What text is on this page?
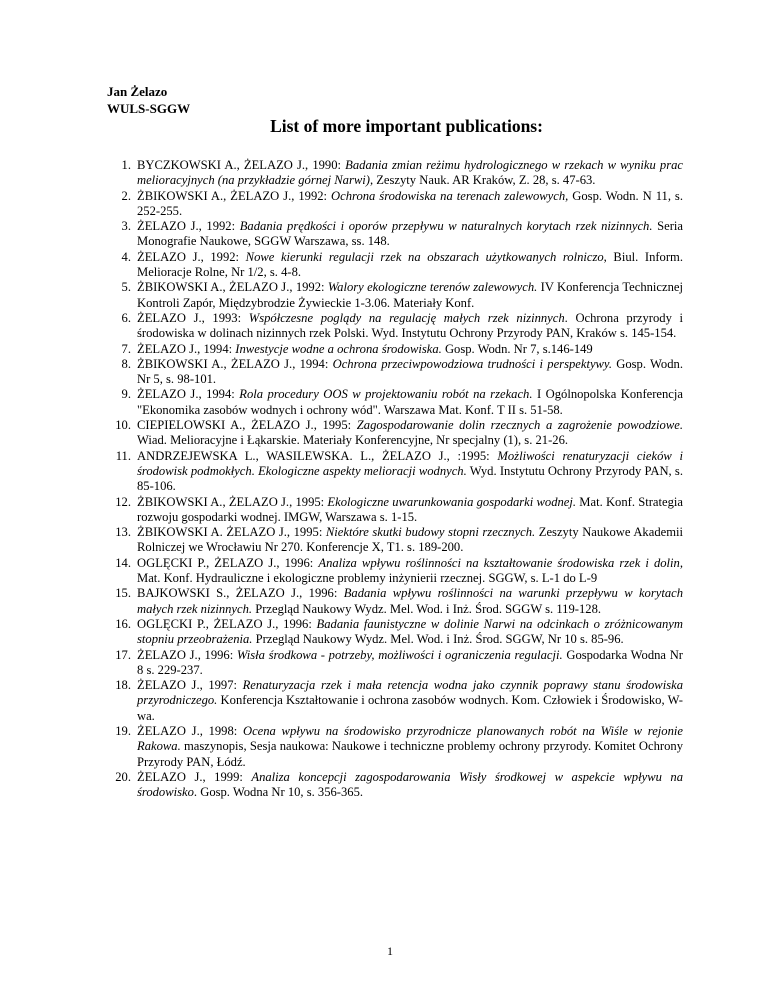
Jan Żelazo
WULS-SGGW
List of more important publications:
1. BYCZKOWSKI A., ŻELAZO J., 1990: Badania zmian reżimu hydrologicznego w rzekach w wyniku prac melioracyjnych (na przykładzie górnej Narwi), Zeszyty Nauk. AR Kraków, Z. 28, s. 47-63.
2. ŻBIKOWSKI A., ŻELAZO J., 1992: Ochrona środowiska na terenach zalewowych, Gosp. Wodn. N 11, s. 252-255.
3. ŻELAZO J., 1992: Badania prędkości i oporów przepływu w naturalnych korytach rzek nizinnych. Seria Monografie Naukowe, SGGW Warszawa, ss. 148.
4. ŻELAZO J., 1992: Nowe kierunki regulacji rzek na obszarach użytkowanych rolniczo, Biul. Inform. Melioracje Rolne, Nr 1/2, s. 4-8.
5. ŻBIKOWSKI A., ŻELAZO J., 1992: Walory ekologiczne terenów zalewowych. IV Konferencja Technicznej Kontroli Zapór, Międzybrodzie Żywieckie 1-3.06. Materiały Konf.
6. ŻELAZO J., 1993: Współczesne poglądy na regulację małych rzek nizinnych. Ochrona przyrody i środowiska w dolinach nizinnych rzek Polski. Wyd. Instytutu Ochrony Przyrody PAN, Kraków s. 145-154.
7. ŻELAZO J., 1994: Inwestycje wodne a ochrona środowiska. Gosp. Wodn. Nr 7, s.146-149
8. ŻBIKOWSKI A., ŻELAZO J., 1994: Ochrona przeciwpowodziowa trudności i perspektywy. Gosp. Wodn. Nr 5, s. 98-101.
9. ŻELAZO J., 1994: Rola procedury OOS w projektowaniu robót na rzekach. I Ogólnopolska Konferencja "Ekonomika zasobów wodnych i ochrony wód". Warszawa Mat. Konf. T II s. 51-58.
10. CIEPIELOWSKI A., ŻELAZO J., 1995: Zagospodarowanie dolin rzecznych a zagrożenie powodziowe. Wiad. Melioracyjne i Łąkarskie. Materiały Konferencyjne, Nr specjalny (1), s. 21-26.
11. ANDRZEJEWSKA L., WASILEWSKA. L., ŻELAZO J., :1995: Możliwości renaturyzacji cieków i środowisk podmokłych. Ekologiczne aspekty melioracji wodnych. Wyd. Instytutu Ochrony Przyrody PAN, s. 85-106.
12. ŻBIKOWSKI A., ŻELAZO J., 1995: Ekologiczne uwarunkowania gospodarki wodnej. Mat. Konf. Strategia rozwoju gospodarki wodnej. IMGW, Warszawa s. 1-15.
13. ŻBIKOWSKI A. ŻELAZO J., 1995: Niektóre skutki budowy stopni rzecznych. Zeszyty Naukowe Akademii Rolniczej we Wrocławiu Nr 270. Konferencje X, T1. s. 189-200.
14. OGLĘCKI P., ŻELAZO J., 1996: Analiza wpływu roślinności na kształtowanie środowiska rzek i dolin, Mat. Konf. Hydrauliczne i ekologiczne problemy inżynierii rzecznej. SGGW, s. L-1 do L-9
15. BAJKOWSKI S., ŻELAZO J., 1996: Badania wpływu roślinności na warunki przepływu w korytach małych rzek nizinnych. Przegląd Naukowy Wydz. Mel. Wod. i Inż. Środ. SGGW s. 119-128.
16. OGLĘCKI P., ŻELAZO J., 1996: Badania faunistyczne w dolinie Narwi na odcinkach o zróżnicowanym stopniu przeobrażenia. Przegląd Naukowy Wydz. Mel. Wod. i Inż. Środ. SGGW, Nr 10 s. 85-96.
17. ŻELAZO J., 1996: Wisła środkowa - potrzeby, możliwości i ograniczenia regulacji. Gospodarka Wodna Nr 8 s. 229-237.
18. ŻELAZO J., 1997: Renaturyzacja rzek i mała retencja wodna jako czynnik poprawy stanu środowiska przyrodniczego. Konferencja Kształtowanie i ochrona zasobów wodnych. Kom. Człowiek i Środowisko, W-wa.
19. ŻELAZO J., 1998: Ocena wpływu na środowisko przyrodnicze planowanych robót na Wiśle w rejonie Rakowa. maszynopis, Sesja naukowa: Naukowe i techniczne problemy ochrony przyrody. Komitet Ochrony Przyrody PAN, Łódź.
20. ŻELAZO J., 1999: Analiza koncepcji zagospodarowania Wisły środkowej w aspekcie wpływu na środowisko. Gosp. Wodna Nr 10, s. 356-365.
1
